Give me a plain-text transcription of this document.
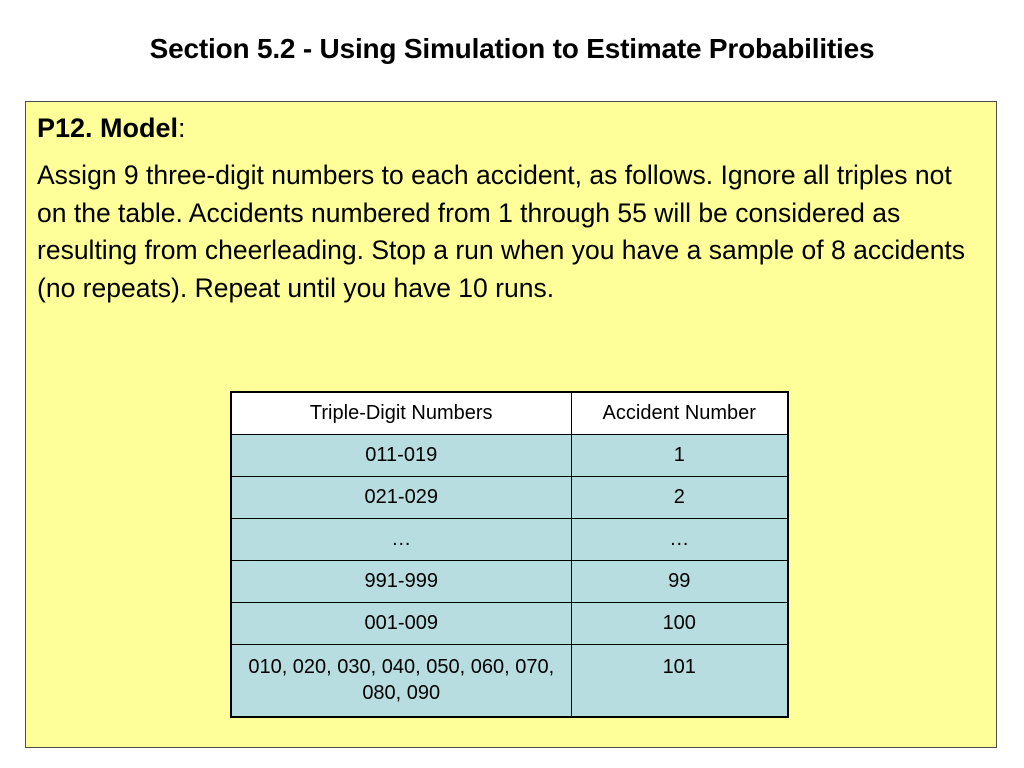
Section 5.2 - Using Simulation to Estimate Probabilities
P12. Model:
Assign 9 three-digit numbers to each accident, as follows. Ignore all triples not on the table. Accidents numbered from 1 through 55 will be considered as resulting from cheerleading. Stop a run when you have a sample of 8 accidents (no repeats). Repeat until you have 10 runs.
Triple-Digit Numbers	Accident Number
011-019	1
021-029	2
…	…
991-999	99
001-009	100
010, 020, 030, 040, 050, 060, 070, 080, 090	101
